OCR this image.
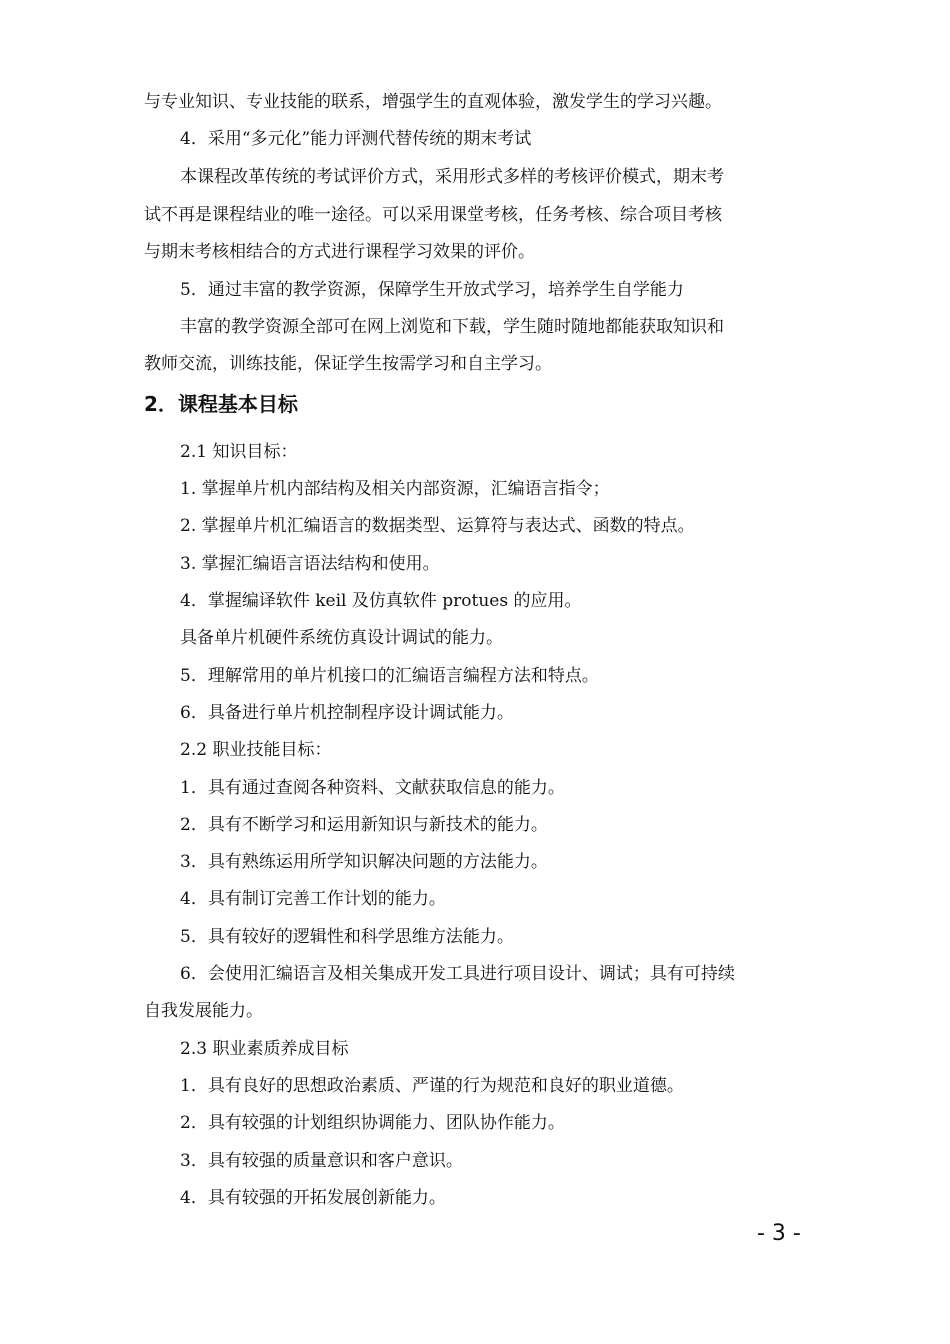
与专业知识、专业技能的联系，增强学生的直观体验，激发学生的学习兴趣。
4．采用“多元化”能力评测代替传统的期末考试
本课程改革传统的考试评价方式，采用形式多样的考核评价模式，期末考
试不再是课程结业的唯一途径。可以采用课堂考核，任务考核、综合项目考核
与期末考核相结合的方式进行课程学习效果的评价。
5．通过丰富的教学资源，保障学生开放式学习，培养学生自学能力
丰富的教学资源全部可在网上浏览和下载，学生随时随地都能获取知识和
教师交流，训练技能，保证学生按需学习和自主学习。
2．课程基本目标
2.1 知识目标：
1. 掌握单片机内部结构及相关内部资源，汇编语言指令；
2. 掌握单片机汇编语言的数据类型、运算符与表达式、函数的特点。
3. 掌握汇编语言语法结构和使用。
4．掌握编译软件 keil 及仿真软件 protues 的应用。
具备单片机硬件系统仿真设计调试的能力。
5．理解常用的单片机接口的汇编语言编程方法和特点。
6．具备进行单片机控制程序设计调试能力。
2.2 职业技能目标：
1．具有通过查阅各种资料、文献获取信息的能力。
2．具有不断学习和运用新知识与新技术的能力。
3．具有熟练运用所学知识解决问题的方法能力。
4．具有制订完善工作计划的能力。
5．具有较好的逻辑性和科学思维方法能力。
6．会使用汇编语言及相关集成开发工具进行项目设计、调试；具有可持续
自我发展能力。
2.3 职业素质养成目标
1．具有良好的思想政治素质、严谨的行为规范和良好的职业道德。
2．具有较强的计划组织协调能力、团队协作能力。
3．具有较强的质量意识和客户意识。
4．具有较强的开拓发展创新能力。
- 3 -
